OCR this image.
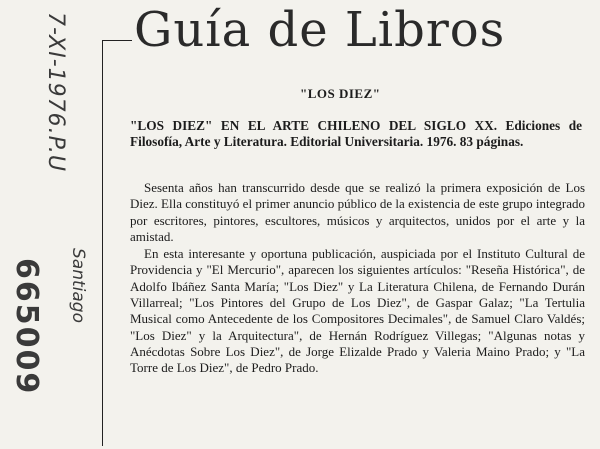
Guía de Libros
"LOS DIEZ"
"LOS DIEZ" EN EL ARTE CHILENO DEL SIGLO XX. Ediciones de Filosofía, Arte y Literatura. Editorial Universitaria. 1976. 83 páginas.

Sesenta años han transcurrido desde que se realizó la primera exposición de Los Diez. Ella constituyó el primer anuncio público de la existencia de este grupo integrado por escritores, pintores, escultores, músicos y arquitectos, unidos por el arte y la amistad.

En esta interesante y oportuna publicación, auspiciada por el Instituto Cultural de Providencia y "El Mercurio", aparecen los siguientes artículos: "Reseña Histórica", de Adolfo Ibáñez Santa María; "Los Diez" y La Literatura Chilena, de Fernando Durán Villarreal; "Los Pintores del Grupo de Los Diez", de Gaspar Galaz; "La Tertulia Musical como Antecedente de los Compositores Decimales", de Samuel Claro Valdés; "Los Diez" y la Arquitectura", de Hernán Rodríguez Villegas; "Algunas notas y Anécdotas Sobre Los Diez", de Jorge Elizalde Prado y Valeria Maino Prado; y "La Torre de Los Diez", de Pedro Prado.

7-XI-1976.P.U
Santiago
665009
